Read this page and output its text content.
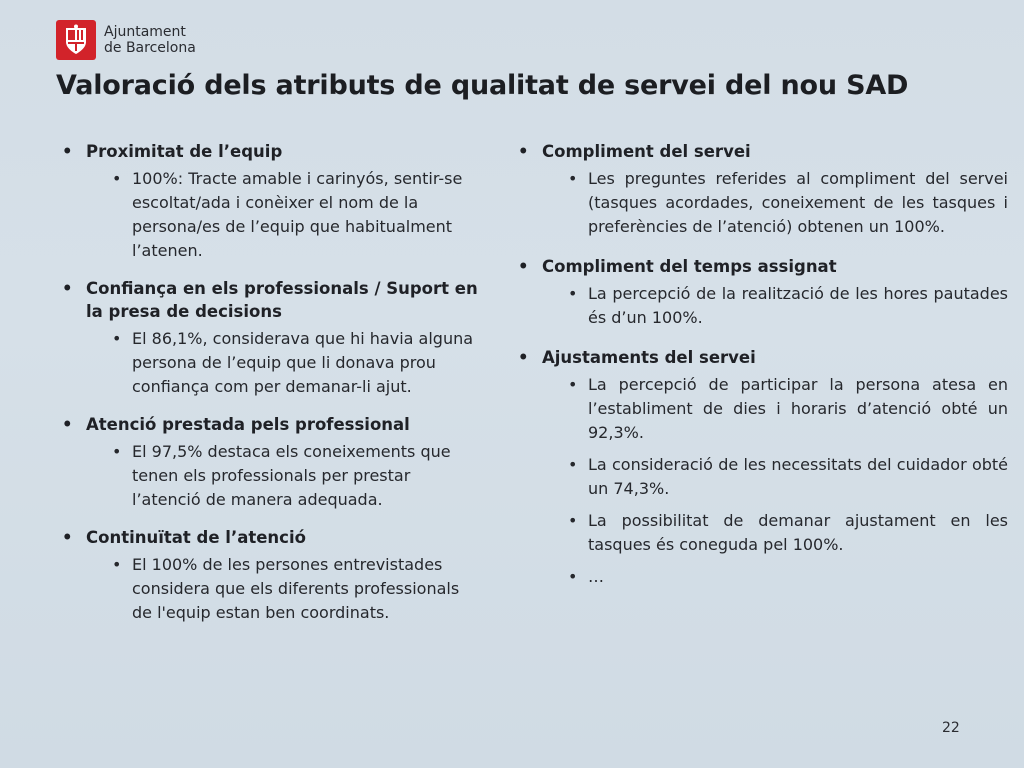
Ajuntament
de Barcelona
Valoració dels atributs de qualitat de servei del nou SAD
• Proximitat de l’equip
• 100%: Tracte amable i carinyós, sentir-se escoltat/ada i conèixer el nom de la persona/es de l’equip que habitualment l’atenen.
• Confiança en els professionals / Suport en la presa de decisions
• El 86,1%, considerava que hi havia alguna persona de l’equip que li donava prou confiança com per demanar-li ajut.
• Atenció prestada pels professional
• El 97,5% destaca els coneixements que tenen els professionals per prestar l’atenció de manera adequada.
• Continuïtat de l’atenció
• El 100% de les persones entrevistades considera que els diferents professionals de l'equip estan ben coordinats.
• Compliment del servei
• Les preguntes referides al compliment del servei (tasques acordades, coneixement de les tasques i preferències de l’atenció) obtenen un 100%.
• Compliment del temps assignat
• La percepció de la realització de les hores pautades és d’un 100%.
• Ajustaments del servei
• La percepció de participar la persona atesa en l’establiment de dies i horaris d’atenció obté un 92,3%.
• La consideració de les necessitats del cuidador obté un 74,3%.
• La possibilitat de demanar ajustament en les tasques és coneguda pel 100%.
• …
22
